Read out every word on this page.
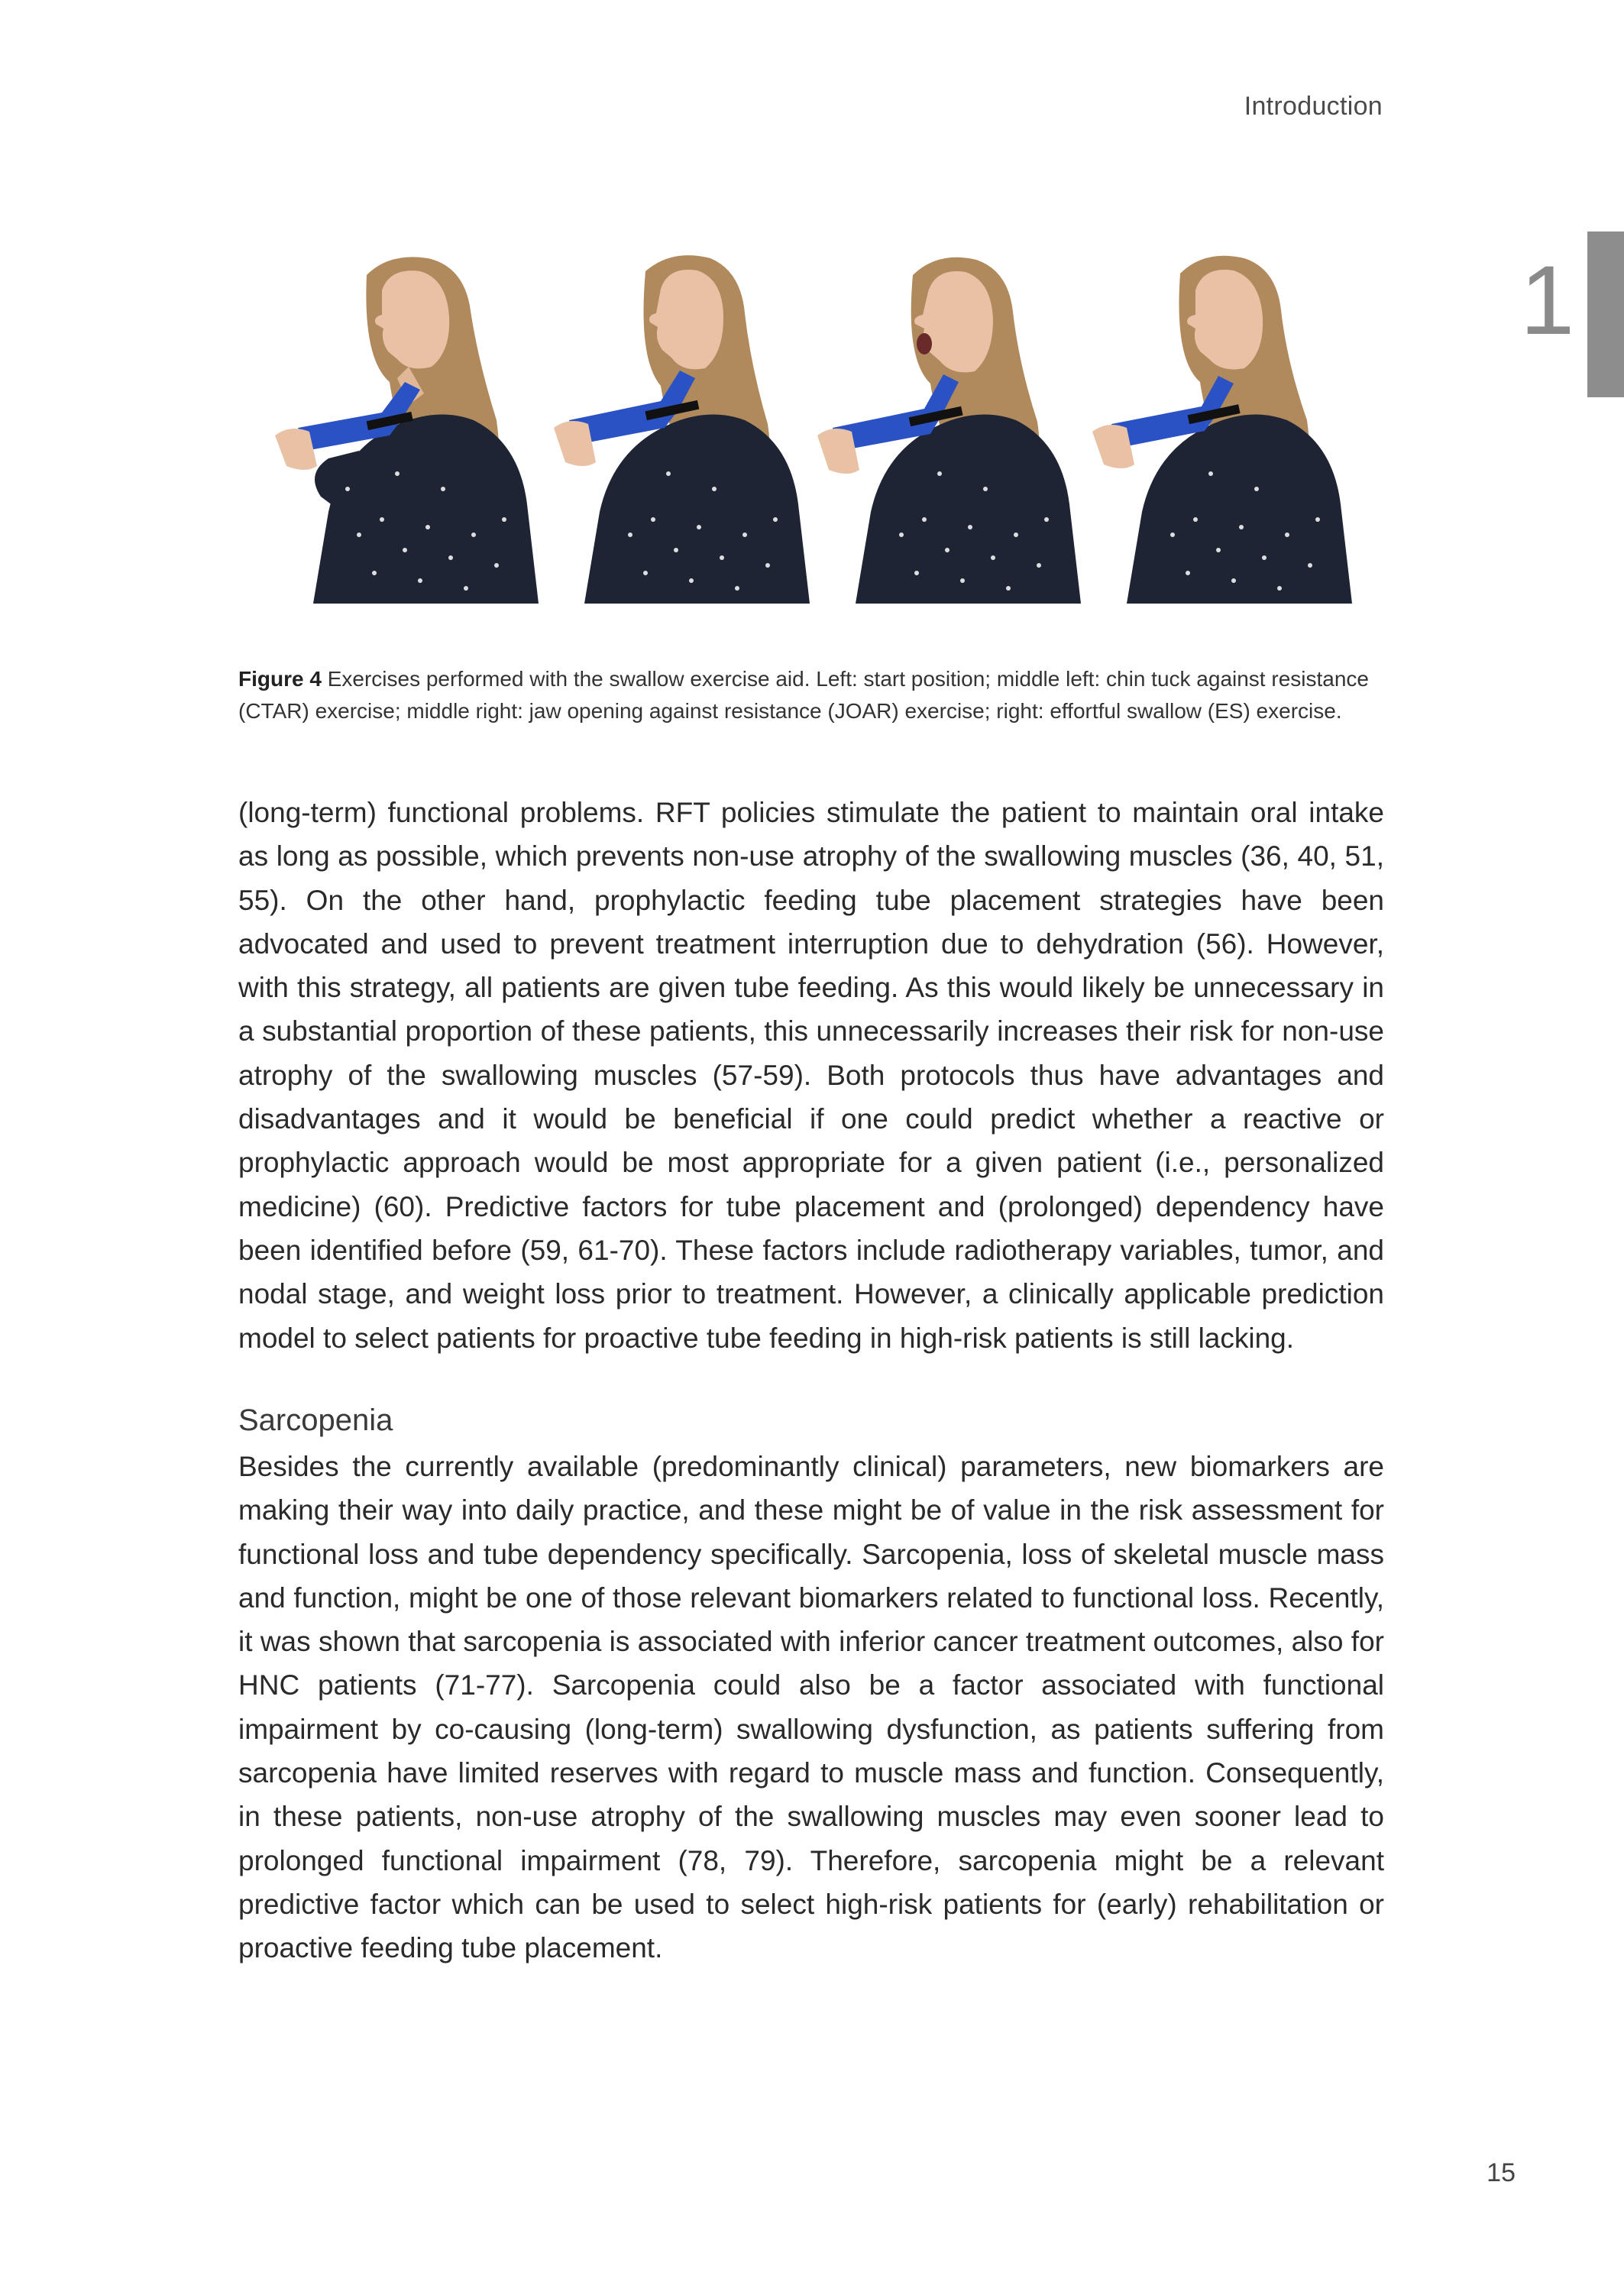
Introduction
1
Figure 4 Exercises performed with the swallow exercise aid. Left: start position; middle left: chin tuck against resistance (CTAR) exercise; middle right: jaw opening against resistance (JOAR) exercise; right: effortful swallow (ES) exercise.

(long-term) functional problems. RFT policies stimulate the patient to maintain oral intake as long as possible, which prevents non-use atrophy of the swallowing muscles (36, 40, 51, 55). On the other hand, prophylactic feeding tube placement strategies have been advocated and used to prevent treatment interruption due to dehydration (56). However, with this strategy, all patients are given tube feeding. As this would likely be unnecessary in a substantial proportion of these patients, this unnecessarily increases their risk for non-use atrophy of the swallowing muscles (57-59). Both protocols thus have advantages and disadvantages and it would be beneficial if one could predict whether a reactive or prophylactic approach would be most appropriate for a given patient (i.e., personalized medicine) (60). Predictive factors for tube placement and (prolonged) dependency have been identified before (59, 61-70). These factors include radiotherapy variables, tumor, and nodal stage, and weight loss prior to treatment. However, a clinically applicable prediction model to select patients for proactive tube feeding in high-risk patients is still lacking.

Sarcopenia

Besides the currently available (predominantly clinical) parameters, new biomarkers are making their way into daily practice, and these might be of value in the risk assessment for functional loss and tube dependency specifically. Sarcopenia, loss of skeletal muscle mass and function, might be one of those relevant biomarkers related to functional loss. Recently, it was shown that sarcopenia is associated with inferior cancer treatment outcomes, also for HNC patients (71-77). Sarcopenia could also be a factor associated with functional impairment by co-causing (long-term) swallowing dysfunction, as patients suffering from sarcopenia have limited reserves with regard to muscle mass and function. Consequently, in these patients, non-use atrophy of the swallowing muscles may even sooner lead to prolonged functional impairment (78, 79). Therefore, sarcopenia might be a relevant predictive factor which can be used to select high-risk patients for (early) rehabilitation or proactive feeding tube placement.

15
